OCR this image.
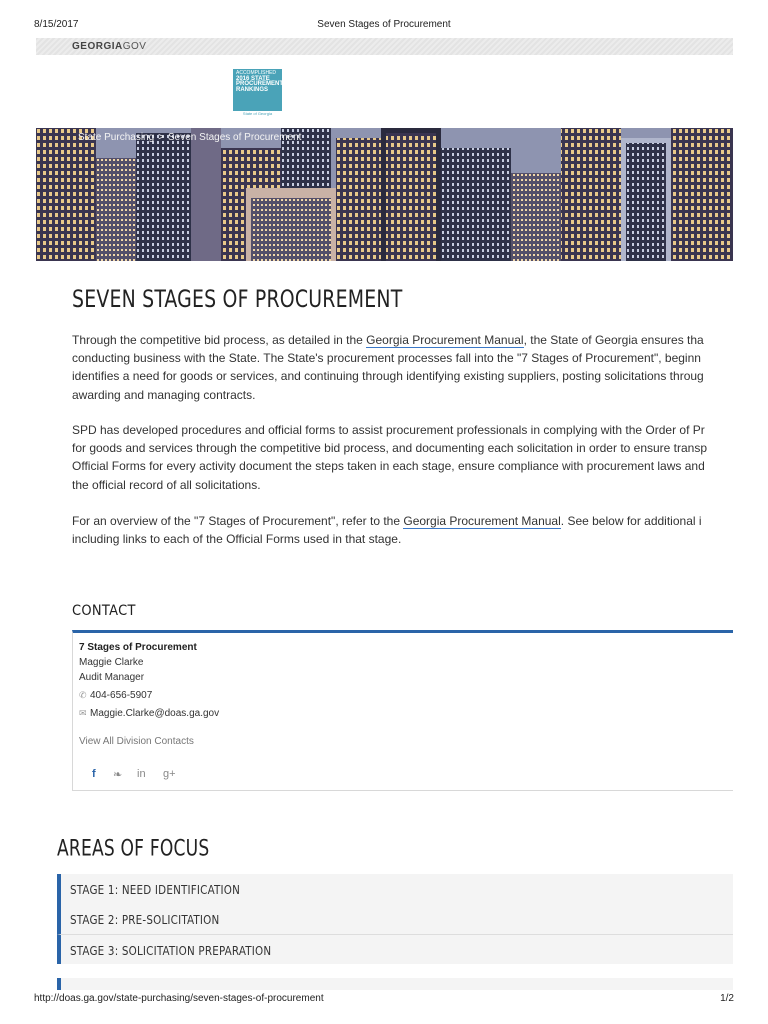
8/15/2017	Seven Stages of Procurement
GEORGIAGOV
ACCOMPLISHED
2016 STATE
PROCUREMENT
RANKINGS
State of Georgia
State Purchasing > Seven Stages of Procurement
SEVEN STAGES OF PROCUREMENT
Through the competitive bid process, as detailed in the Georgia Procurement Manual, the State of Georgia ensures tha
conducting business with the State. The State's procurement processes fall into the "7 Stages of Procurement", beginn
identifies a need for goods or services, and continuing through identifying existing suppliers, posting solicitations throug
awarding and managing contracts.
SPD has developed procedures and official forms to assist procurement professionals in complying with the Order of Pr
for goods and services through the competitive bid process, and documenting each solicitation in order to ensure transp
Official Forms for every activity document the steps taken in each stage, ensure compliance with procurement laws and
the official record of all solicitations.
For an overview of the "7 Stages of Procurement", refer to the Georgia Procurement Manual. See below for additional i
including links to each of the Official Forms used in that stage.
CONTACT
7 Stages of Procurement
Maggie Clarke
Audit Manager
✆ 404-656-5907
✉ Maggie.Clarke@doas.ga.gov
View All Division Contacts
f ❧ in g+
AREAS OF FOCUS
STAGE 1: NEED IDENTIFICATION
STAGE 2: PRE-SOLICITATION
STAGE 3: SOLICITATION PREPARATION
http://doas.ga.gov/state-purchasing/seven-stages-of-procurement	1/2
